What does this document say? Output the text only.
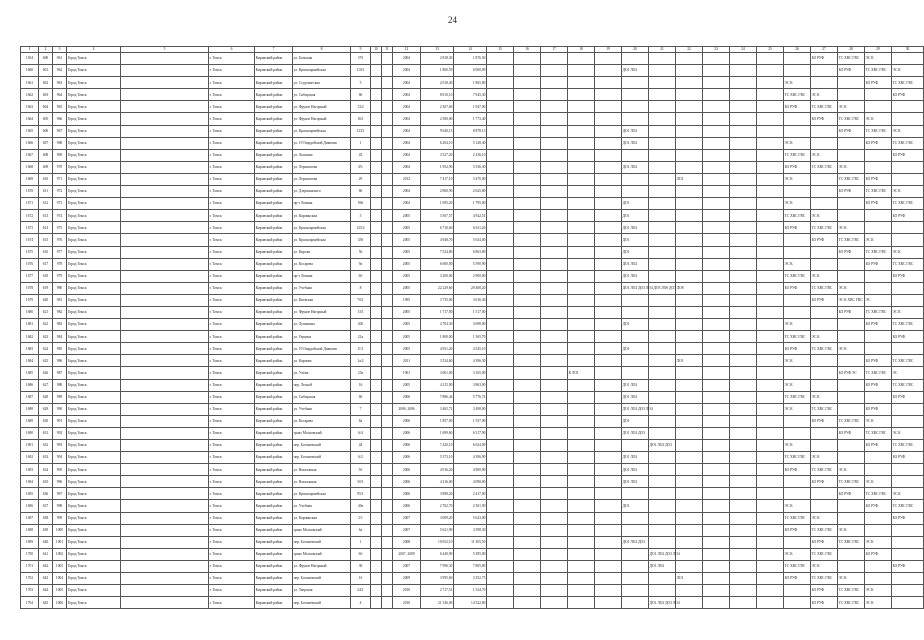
24
1	2	3	4	5	6	7	8	9	10	11	12	13	14	15	16	17	18	19	20	21	22	23	24	25	26	27	28	29	30	
1654	600	961	Город Томск		г. Томск	Кировский район	ул. Большая	37б			2004	2 818,30	1 876,50													БО РУФ	ТС ХВС ГВС	ЭС К		
1660	601	962	Город Томск		г. Томск	Кировский район	ул. Красноармейская	110/1			2004	1 800,59	6 000,09						ДО1 ЛО2								БО РУФ	ТС ХВС ГВС	ЭС К	
1661	602	963	Город Томск		г. Томск	Кировский район	ул. Студенческая	5			2004	2 018,40	1 865,80												ЭС К			БО РУФ	ТС ХВС ГВС	
1662	603	964	Город Томск		г. Томск	Кировский район	ул. Сибирская	60			2004	8 810,10	7 945,30												ТС ХВС ГВС	ЭС К			БО РУФ	
1663	604	965	Город Томск		г. Томск	Кировский район	ул. Фрунзе Нагорный	13/2			2004	2 307,60	1 947,00												БО РУФ	ТС ХВС ГВС	ЭС К			
1664	605	966	Город Томск		г. Томск	Кировский район	ул. Фрунзе Нагорный	16/1			2004	2 500,00	1 773,40													БО РУФ	ТС ХВС ГВС	ЭС К		
1665	606	967	Город Томск		г. Томск	Кировский район	ул. Красноармейская	123/1			2004	9 640,15	8 878,15						ДО1 ЛО2								БО РУФ	ТС ХВС ГВС	ЭС К	
1666	607	968	Город Томск		г. Томск	Кировский район	ул. 19 Гвардейской Дивизии	1			2004	6 204,10	5 128,40						ДО1 ЛО2						ЭС К			БО РУФ	ТС ХВС ГВС	
1667	608	969	Город Томск		г. Томск	Кировский район	ул. Лыткина	43			2004	3 527,20	2 236,10												ТС ХВС ГВС	ЭС К			БО РУФ	
1668	609	970	Город Томск		г. Томск	Кировский район	ул. Лермонтова	47г			2004	1 952,90	5 536,30						ДО1 ЛО2						БО РУФ	ТС ХВС ГВС	ЭС К			
1669	610	971	Город Томск		г. Томск	Кировский район	ул. Лермонтова	29			2012	7 417,10	3 470,00								ЛО1				ЭС К		ТС ХВС ГВС	БО РУФ		
1670	611	972	Город Томск		г. Томск	Кировский район	ул. Дзержинского	60			2004	2 860,90	2 625,80														БО РУФ	ТС ХВС ГВС	ЭС К	
1671	612	973	Город Томск		г. Томск	Кировский район	пр-т Ленина	56б			2004	1 695,20	1 795,00						ДО1						ЭС К			БО РУФ	ТС ХВС ГВС	
1672	613	974	Город Томск		г. Томск	Кировский район	ул. Карпинская	5			2005	3 567,57	4 942,51						ДО1						ТС ХВС ГВС	ЭС К			БО РУФ	
1673	614	975	Город Томск		г. Томск	Кировский район	ул. Красноармейская	125/2			2005	6 710,60	6 611,20						ДО1 ЛО2						БО РУФ	ТС ХВС ГВС	ЭС К			
1674	615	976	Город Томск		г. Томск	Кировский район	ул. Красноармейская	35б			2005	4 948,70	5 634,00						ДО1							БО РУФ	ТС ХВС ГВС	ЭС К		
1675	616	977	Город Томск		г. Томск	Кировский район	ул. Кирова	56			2005	7 524,80	6 863,80						ДО1								БО РУФ	ТС ХВС ГВС	ЭС К	
1676	617	978	Город Томск		г. Томск	Кировский район	ул. Косарева	9а			2005	6 600,00	5 590,90						ДО1 ЛО2						ЭС К			БО РУФ	ТС ХВС ГВС	
1677	618	979	Город Томск		г. Томск	Кировский район	пр-т Ленина	6б			2005	3 200,00	2 900,00						ДО1 ЛО2						ТС ХВС ГВС	ЭС К			БО РУФ	
1678	619	980	Город Томск		г. Томск	Кировский район	ул. Учебная	8			2005	22 229,60	20 408,20						ДО1 ЛО2 ДО3 ЛО4 ДО5 ЛО6 ДО7 ЛО8						БО РУФ	ТС ХВС ГВС	ЭС К			
1679	620	981	Город Томск		г. Томск	Кировский район	ул. Киевская	7б/1			1995	3 735,00	3 616,30													БО РУФ	ЭС К ХВС ГВС	ЭС		
1680	621	982	Город Томск		г. Томск	Кировский район	ул. Фрунзе Нагорный	13/1			2005	1 717,00	1 517,00														БО РУФ	ТС ХВС ГВС	ЭС К	
1681	622	983	Город Томск		г. Томск	Кировский район	ул. Лупашина	30б			2005	4 704,30	3 698,00						ДО1						ЭС К			БО РУФ	ТС ХВС ГВС	
1682	623	984	Город Томск		г. Томск	Кировский район	ул. Герцена	21а			2005	1 800,00	1 565,70												ТС ХВС ГВС	ЭС К			БО РУФ	
1683	624	985	Город Томск		г. Томск	Кировский район	ул. 19 Гвардейской Дивизии	11/1			2005	4 931,20	4 545,10						ДО1						БО РУФ	ТС ХВС ГВС	ЭС К			
1684	625	986	Город Томск		г. Томск	Кировский район	ул. Карпова	1а/2			2011	3 524,60	4 396,30								ЛО1				ЭС К			БО РУФ	ТС ХВС ГВС	
1685	626	987	Город Томск		г. Томск	Кировский район	ул. Учёна	25а			1961	3 061,00	3 165,00				К ЛО1										БО РУФ ЭС	ТС ХВС ГВС	ЭС	
1686	627	988	Город Томск		г. Томск	Кировский район	пер. Лесной	16			2005	4 215,00	3 863,00						ДО1 ЛО2						ЭС К			БО РУФ	ТС ХВС ГВС	
1687	628	989	Город Томск		г. Томск	Кировский район	ул. Сибирская	60			2006	7 886,44	5 776,74						ДО1 ЛО2						ТС ХВС ГВС	ЭС К			БО РУФ	
1688	629	990	Город Томск		г. Томск	Кировский район	ул. Учебная	7			2006, 2006	3 465,72	3 490,00						ДО1 ЛО2 ДО3 ЛО4						ЭС К	ТС ХВС ГВС		БО РУФ		
1689	630	991	Город Томск		г. Томск	Кировский район	ул. Косарева	8а			2006	1 857,00	1 557,00						ДО1							БО РУФ	ТС ХВС ГВС	ЭС К		
1690	631	992	Город Томск		г. Томск	Кировский район	тракт Московский	6/4			2006	1 699,60	6 517,90						ДО1 ЛО2 ДО3								БО РУФ	ТС ХВС ГВС	ЭС К	
1691	632	993	Город Томск		г. Томск	Кировский район	пер. Богашевский	44			2006	7 420,10	6 634,00							ДО1 ЛО2 ДО3					ЭС К			БО РУФ	ТС ХВС ГВС	
1692	633	994	Город Томск		г. Томск	Кировский район	пер. Богашевский	6/2			2006	5 373,10	4 396,90						ДО1 ЛО2						ТС ХВС ГВС	ЭС К			БО РУФ	
1693	634	995	Город Томск		г. Томск	Кировский район	ул. Вокзальная	5б			2006	4 916,20	4 900,90						ДО1 ЛО2						БО РУФ	ТС ХВС ГВС	ЭС К			
1694	635	996	Город Томск		г. Томск	Кировский район	ул. Вокзальная	5б/1			2006	4 216,00	4 090,00						ДО1 ЛО2							БО РУФ	ТС ХВС ГВС	ЭС К		
1695	636	997	Город Томск		г. Томск	Кировский район	ул. Красноармейская	95/1			2006	3 898,20	2 417,00														БО РУФ	ТС ХВС ГВС	ЭС К	
1696	637	998	Город Томск		г. Томск	Кировский район	ул. Учебная	40а			2006	2 702,70	2 301,90						ДО1						ЭС К			БО РУФ	ТС ХВС ГВС	
1697	638	999	Город Томск		г. Томск	Кировский район	ул. Карпинская	2/1			2007	3 009,20	5 623,00												ТС ХВС ГВС	ЭС К			БО РУФ	
1698	639	1000	Город Томск		г. Томск	Кировский район	тракт Московский	6а			2007	5 621,90	3 598,30												БО РУФ	ТС ХВС ГВС	ЭС К			
1699	640	1001	Город Томск		г. Томск	Кировский район	пер. Богашевский	1			2008	10 052,10	11 305,50						ДО1 ЛО2 ДО3							БО РУФ	ТС ХВС ГВС	ЭС К		
1700	641	1002	Город Томск		г. Томск	Кировский район	тракт Московский	6б			2007, 2009	6 440,90	5 385,00							ДО1 ЛО2 ДО3 ЛО4					ЭС К	ТС ХВС ГВС		БО РУФ		
1701	642	1003	Город Томск		г. Томск	Кировский район	ул. Фрунзе Нагорный	30			2007	7 996,30	7 805,80							ДО1 ЛО2					ТС ХВС ГВС	ЭС К			БО РУФ	
1702	643	1004	Город Томск		г. Томск	Кировский район	пер. Богашевский	1б			2009	3 995,60	3 352,75								ЛО1				БО РУФ	ТС ХВС ГВС	ЭС К			
1703	644	1005	Город Томск		г. Томск	Кировский район	ул. Тверская	24/1			2010	2 717,51	1 524,70													БО РУФ	ТС ХВС ГВС	ЭС К		
1704	645	1006	Город Томск		г. Томск	Кировский район	пер. Богашевский	4			2010	21 546,00	14 522,80							ДО1 ЛО2 ДО3 ЛО4						БО РУФ	ТС ХВС ГВС	ЭС К		
